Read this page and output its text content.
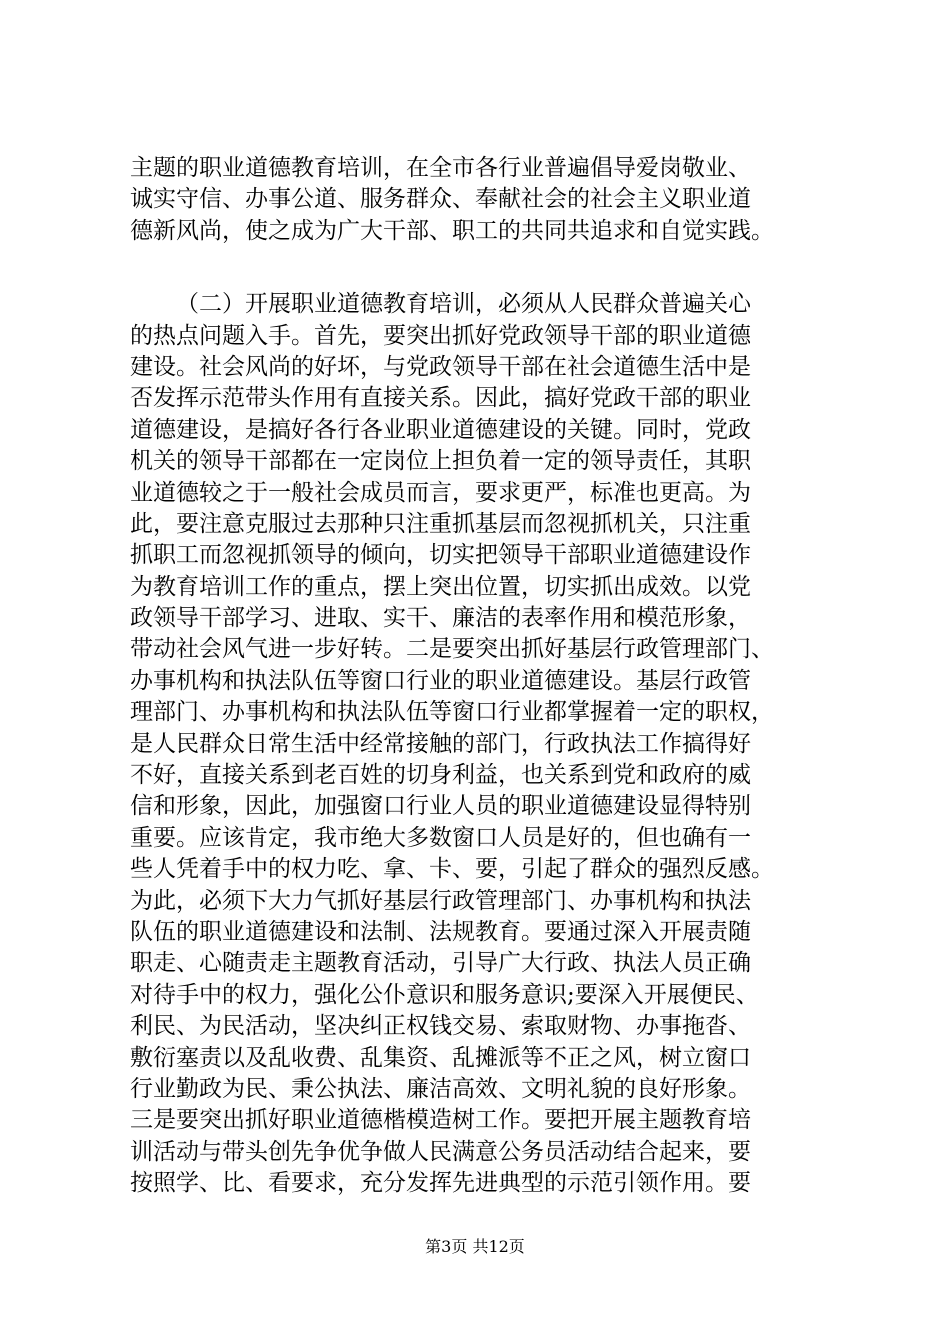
主题的职业道德教育培训，在全市各行业普遍倡导爱岗敬业、
诚实守信、办事公道、服务群众、奉献社会的社会主义职业道
德新风尚，使之成为广大干部、职工的共同共追求和自觉实践。
（二）开展职业道德教育培训，必须从人民群众普遍关心
的热点问题入手。首先，要突出抓好党政领导干部的职业道德
建设。社会风尚的好坏，与党政领导干部在社会道德生活中是
否发挥示范带头作用有直接关系。因此，搞好党政干部的职业
道德建设，是搞好各行各业职业道德建设的关键。同时，党政
机关的领导干部都在一定岗位上担负着一定的领导责任，其职
业道德较之于一般社会成员而言，要求更严，标准也更高。为
此，要注意克服过去那种只注重抓基层而忽视抓机关，只注重
抓职工而忽视抓领导的倾向，切实把领导干部职业道德建设作
为教育培训工作的重点，摆上突出位置，切实抓出成效。以党
政领导干部学习、进取、实干、廉洁的表率作用和模范形象，
带动社会风气进一步好转。二是要突出抓好基层行政管理部门、
办事机构和执法队伍等窗口行业的职业道德建设。基层行政管
理部门、办事机构和执法队伍等窗口行业都掌握着一定的职权，
是人民群众日常生活中经常接触的部门，行政执法工作搞得好
不好，直接关系到老百姓的切身利益，也关系到党和政府的威
信和形象，因此，加强窗口行业人员的职业道德建设显得特别
重要。应该肯定，我市绝大多数窗口人员是好的，但也确有一
些人凭着手中的权力吃、拿、卡、要，引起了群众的强烈反感。
为此，必须下大力气抓好基层行政管理部门、办事机构和执法
队伍的职业道德建设和法制、法规教育。要通过深入开展责随
职走、心随责走主题教育活动，引导广大行政、执法人员正确
对待手中的权力，强化公仆意识和服务意识;要深入开展便民、
利民、为民活动，坚决纠正权钱交易、索取财物、办事拖沓、
敷衍塞责以及乱收费、乱集资、乱摊派等不正之风，树立窗口
行业勤政为民、秉公执法、廉洁高效、文明礼貌的良好形象。
三是要突出抓好职业道德楷模造树工作。要把开展主题教育培
训活动与带头创先争优争做人民满意公务员活动结合起来，要
按照学、比、看要求，充分发挥先进典型的示范引领作用。要
第3页 共12页
